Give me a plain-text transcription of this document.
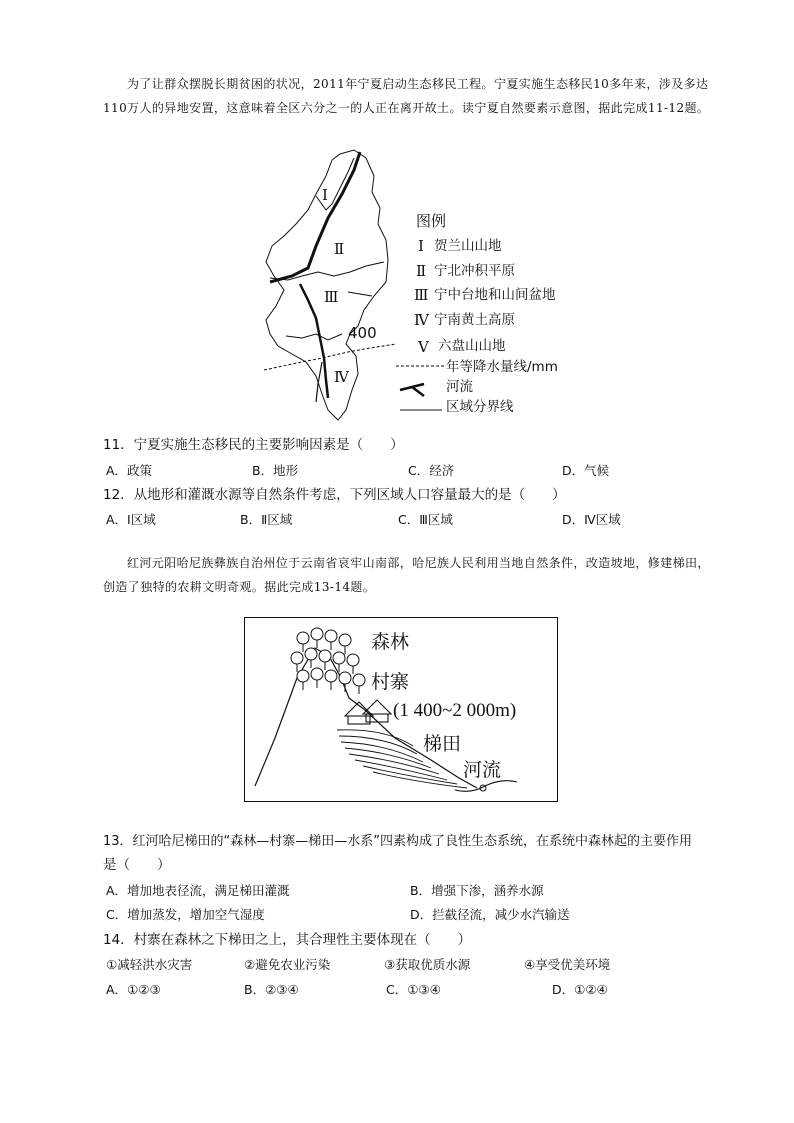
为了让群众摆脱长期贫困的状况，2011年宁夏启动生态移民工程。宁夏实施生态移民10多年来，涉及多达110万人的异地安置，这意味着全区六分之一的人正在离开故土。读宁夏自然要素示意图，据此完成11-12题。
Ⅰ
Ⅱ
Ⅲ
Ⅳ
400
图例
Ⅰ 贺兰山山地
Ⅱ 宁北冲积平原
Ⅲ 宁中台地和山间盆地
Ⅳ 宁南黄土高原
Ⅴ 六盘山山地
年等降水量线/mm
河流
区域分界线
11．宁夏实施生态移民的主要影响因素是（　　）
A．政策	B．地形	C．经济	D．气候
12．从地形和灌溉水源等自然条件考虑，下列区域人口容量最大的是（　　）
A．Ⅰ区域	B．Ⅱ区域	C．Ⅲ区域	D．Ⅳ区域
红河元阳哈尼族彝族自治州位于云南省哀牢山南部，哈尼族人民利用当地自然条件，改造坡地，修建梯田，创造了独特的农耕文明奇观。据此完成13-14题。
森林
村寨
(1 400~2 000m)
梯田
河流
13．红河哈尼梯田的“森林—村寨—梯田—水系”四素构成了良性生态系统，在系统中森林起的主要作用
是（　　）
A．增加地表径流，满足梯田灌溉	B．增强下渗，涵养水源
C．增加蒸发，增加空气湿度	D．拦截径流，减少水汽输送
14．村寨在森林之下梯田之上，其合理性主要体现在（　　）
①减轻洪水灾害	②避免农业污染	③获取优质水源	④享受优美环境
A．①②③	B．②③④	C．①③④	D．①②④
